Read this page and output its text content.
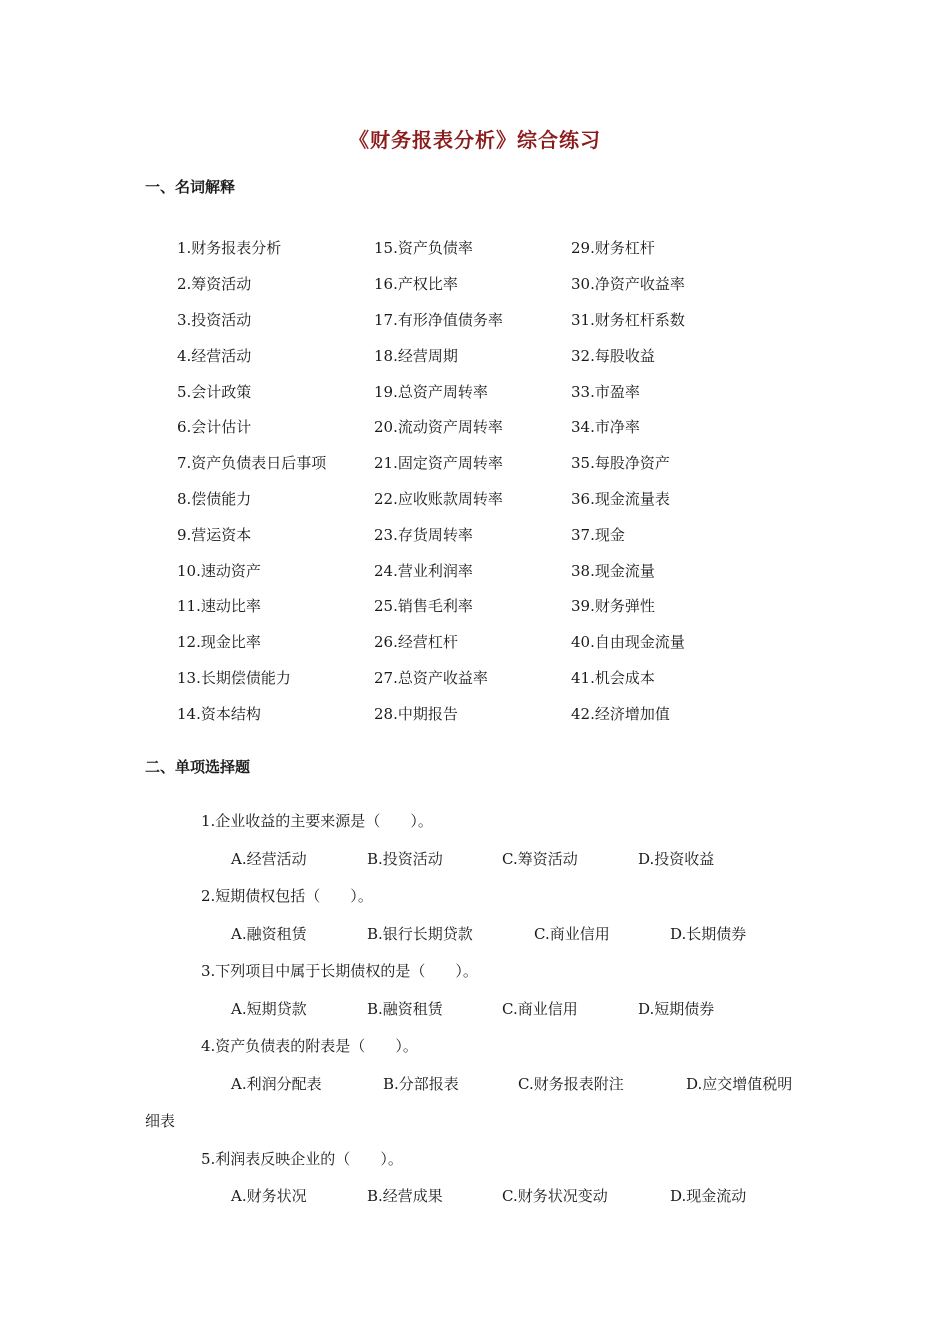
《财务报表分析》综合练习
一、名词解释
1.财务报表分析	15.资产负债率	29.财务杠杆
2.筹资活动	16.产权比率	30.净资产收益率
3.投资活动	17.有形净值债务率	31.财务杠杆系数
4.经营活动	18.经营周期	32.每股收益
5.会计政策	19.总资产周转率	33.市盈率
6.会计估计	20.流动资产周转率	34.市净率
7.资产负债表日后事项	21.固定资产周转率	35.每股净资产
8.偿债能力	22.应收账款周转率	36.现金流量表
9.营运资本	23.存货周转率	37.现金
10.速动资产	24.营业利润率	38.现金流量
11.速动比率	25.销售毛利率	39.财务弹性
12.现金比率	26.经营杠杆	40.自由现金流量
13.长期偿债能力	27.总资产收益率	41.机会成本
14.资本结构	28.中期报告	42.经济增加值
二、单项选择题
1.企业收益的主要来源是（　　）。
A.经营活动	B.投资活动	C.筹资活动	D.投资收益
2.短期债权包括（　　）。
A.融资租赁	B.银行长期贷款	C.商业信用	D.长期债券
3.下列项目中属于长期债权的是（　　）。
A.短期贷款	B.融资租赁	C.商业信用	D.短期债券
4.资产负债表的附表是（　　）。
A.利润分配表	B.分部报表	C.财务报表附注	D.应交增值税明
细表
5.利润表反映企业的（　　）。
A.财务状况	B.经营成果	C.财务状况变动	D.现金流动
